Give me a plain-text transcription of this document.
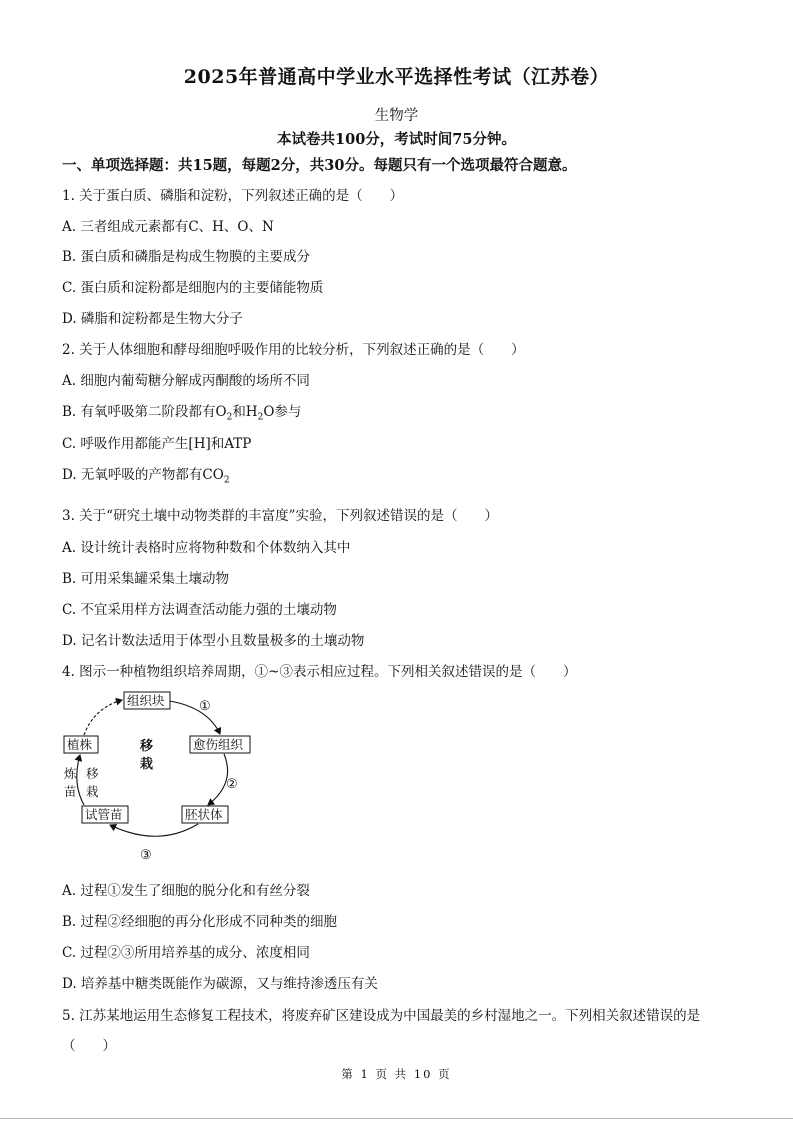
2025年普通高中学业水平选择性考试（江苏卷）
生物学
本试卷共100分，考试时间75分钟。
一、单项选择题：共15题，每题2分，共30分。每题只有一个选项最符合题意。
1. 关于蛋白质、磷脂和淀粉，下列叙述正确的是（　　）
A. 三者组成元素都有C、H、O、N
B. 蛋白质和磷脂是构成生物膜的主要成分
C. 蛋白质和淀粉都是细胞内的主要储能物质
D. 磷脂和淀粉都是生物大分子
2. 关于人体细胞和酵母细胞呼吸作用的比较分析，下列叙述正确的是（　　）
A. 细胞内葡萄糖分解成丙酮酸的场所不同
B. 有氧呼吸第二阶段都有$O_2$和$H_2O$参与
C. 呼吸作用都能产生[H]和ATP
D. 无氧呼吸的产物都有$CO_2$
3. 关于“研究土壤中动物类群的丰富度”实验，下列叙述错误的是（　　）
A. 设计统计表格时应将物种数和个体数纳入其中
B. 可用采集罐采集土壤动物
C. 不宜采用样方法调查活动能力强的土壤动物
D. 记名计数法适用于体型小且数量极多的土壤动物
4. 图示一种植物组织培养周期，①~③表示相应过程。下列相关叙述错误的是（　　）
组织块
愈伤组织
胚状体
试管苗
植株
①
②
③
移
栽
炼
苗
移
栽
A. 过程①发生了细胞的脱分化和有丝分裂
B. 过程②经细胞的再分化形成不同种类的细胞
C. 过程②③所用培养基的成分、浓度相同
D. 培养基中糖类既能作为碳源，又与维持渗透压有关
5. 江苏某地运用生态修复工程技术，将废弃矿区建设成为中国最美的乡村湿地之一。下列相关叙述错误的是
（　　）
第 1 页 共 10 页
